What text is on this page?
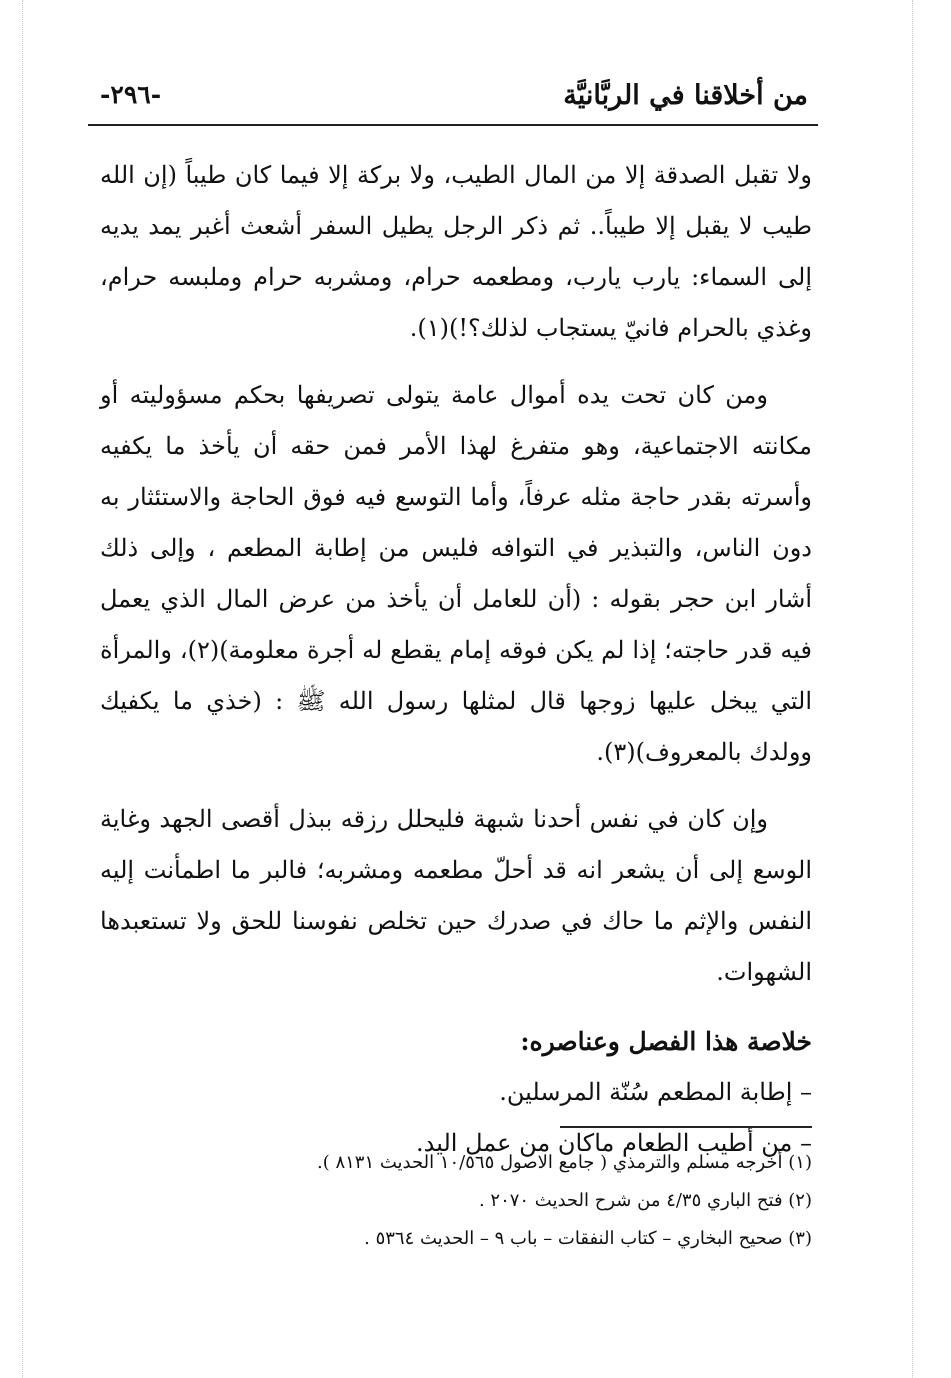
من أخلاقنا في الربَّانيَّة
-٢٩٦-

ولا تقبل الصدقة إلا من المال الطيب، ولا بركة إلا فيما كان طيباً (إن الله طيب لا يقبل إلا طيباً.. ثم ذكر الرجل يطيل السفر أشعث أغبر يمد يديه إلى السماء: يارب يارب، ومطعمه حرام، ومشربه حرام وملبسه حرام، وغذي بالحرام فانيّ يستجاب لذلك؟!)(١).

ومن كان تحت يده أموال عامة يتولى تصريفها بحكم مسؤوليته أو مكانته الاجتماعية، وهو متفرغ لهذا الأمر فمن حقه أن يأخذ ما يكفيه وأسرته بقدر حاجة مثله عرفاً، وأما التوسع فيه فوق الحاجة والاستئثار به دون الناس، والتبذير في التوافه فليس من إطابة المطعم ، وإلى ذلك أشار ابن حجر بقوله : (أن للعامل أن يأخذ من عرض المال الذي يعمل فيه قدر حاجته؛ إذا لم يكن فوقه إمام يقطع له أجرة معلومة)(٢)، والمرأة التي يبخل عليها زوجها قال لمثلها رسول الله ﷺ : (خذي ما يكفيك وولدك بالمعروف)(٣).

وإن كان في نفس أحدنا شبهة فليحلل رزقه ببذل أقصى الجهد وغاية الوسع إلى أن يشعر انه قد أحلّ مطعمه ومشربه؛ فالبر ما اطمأنت إليه النفس والإثم ما حاك في صدرك حين تخلص نفوسنا للحق ولا تستعبدها الشهوات.

خلاصة هذا الفصل وعناصره:
– إطابة المطعم سُنّة المرسلين.
– من أطيب الطعام ماكان من عمل اليد.
(١) أخرجه مسلم والترمذي ( جامع الاصول ١٠/٥٦٥ الحديث ٨١٣١ ).
(٢) فتح الباري ٤/٣٥ من شرح الحديث ٢٠٧٠ .
(٣) صحيح البخاري – كتاب النفقات – باب ٩ – الحديث ٥٣٦٤ .
